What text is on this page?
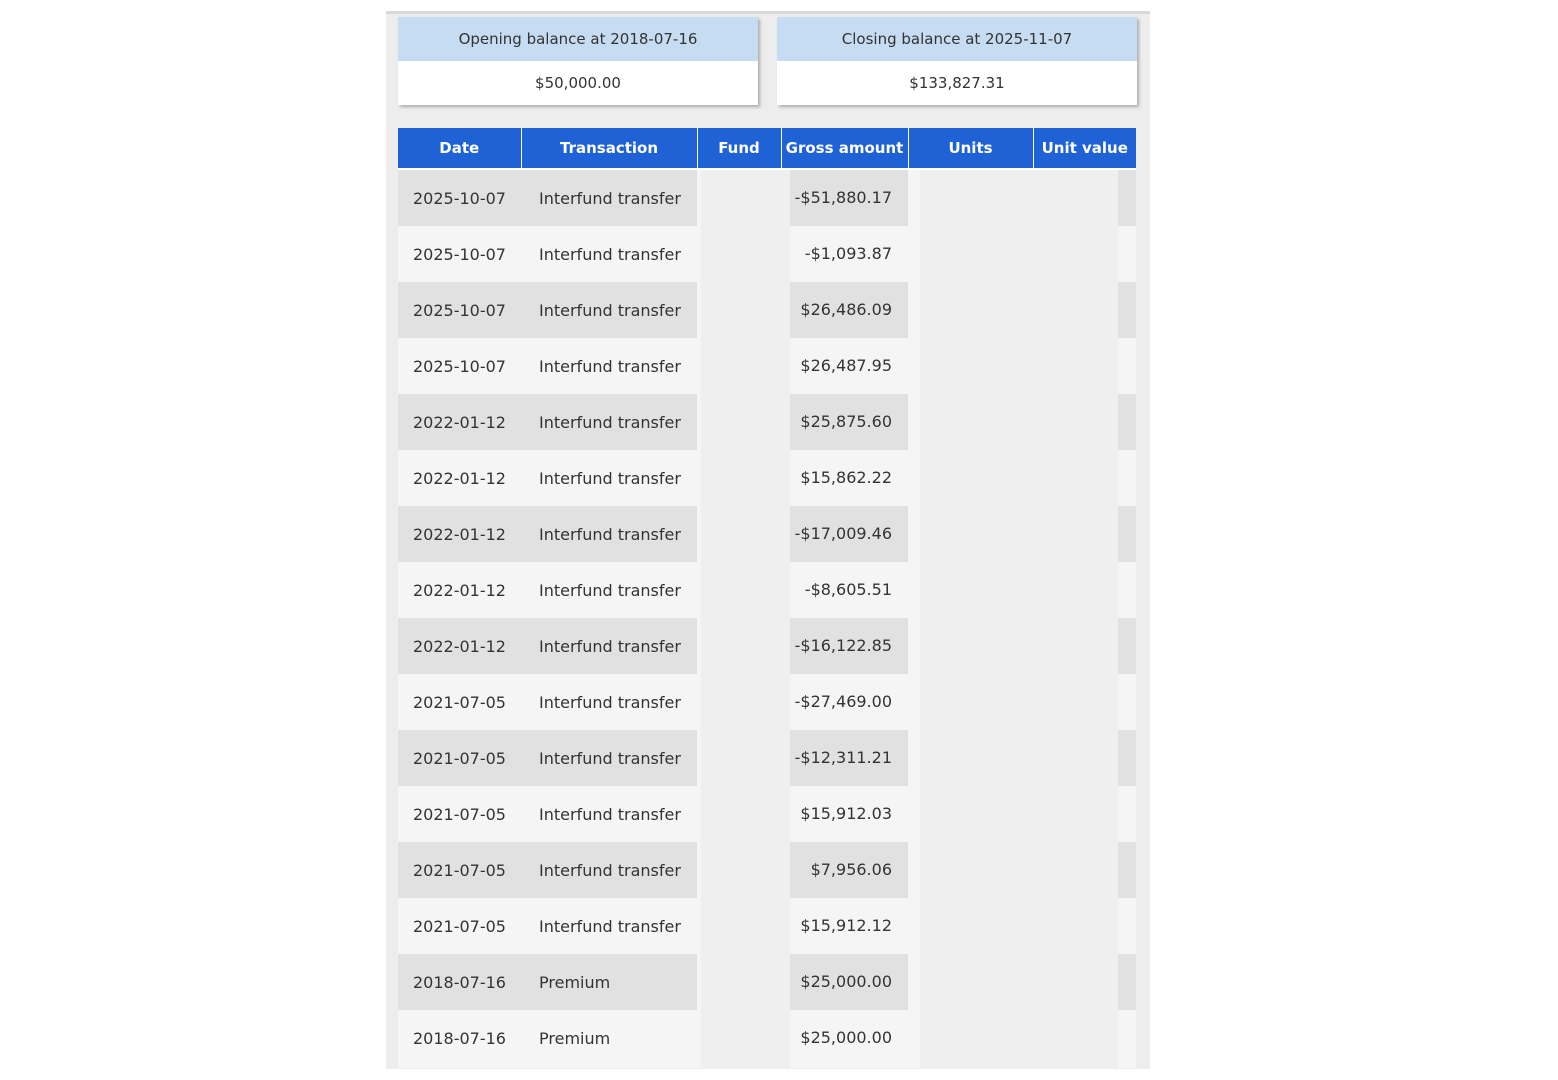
Opening balance at 2018-07-16
$50,000.00
Closing balance at 2025-11-07
$133,827.31
Date	Transaction	Fund	Gross amount	Units	Unit value
2025-10-07	Interfund transfer		-$51,880.17		

2025-10-07	Interfund transfer		-$1,093.87		

2025-10-07	Interfund transfer		$26,486.09		

2025-10-07	Interfund transfer		$26,487.95		

2022-01-12	Interfund transfer		$25,875.60		

2022-01-12	Interfund transfer		$15,862.22		

2022-01-12	Interfund transfer		-$17,009.46		

2022-01-12	Interfund transfer		-$8,605.51		

2022-01-12	Interfund transfer		-$16,122.85		

2021-07-05	Interfund transfer		-$27,469.00		

2021-07-05	Interfund transfer		-$12,311.21		

2021-07-05	Interfund transfer		$15,912.03		

2021-07-05	Interfund transfer		$7,956.06		

2021-07-05	Interfund transfer		$15,912.12		

2018-07-16	Premium		$25,000.00		

2018-07-16	Premium		$25,000.00		
